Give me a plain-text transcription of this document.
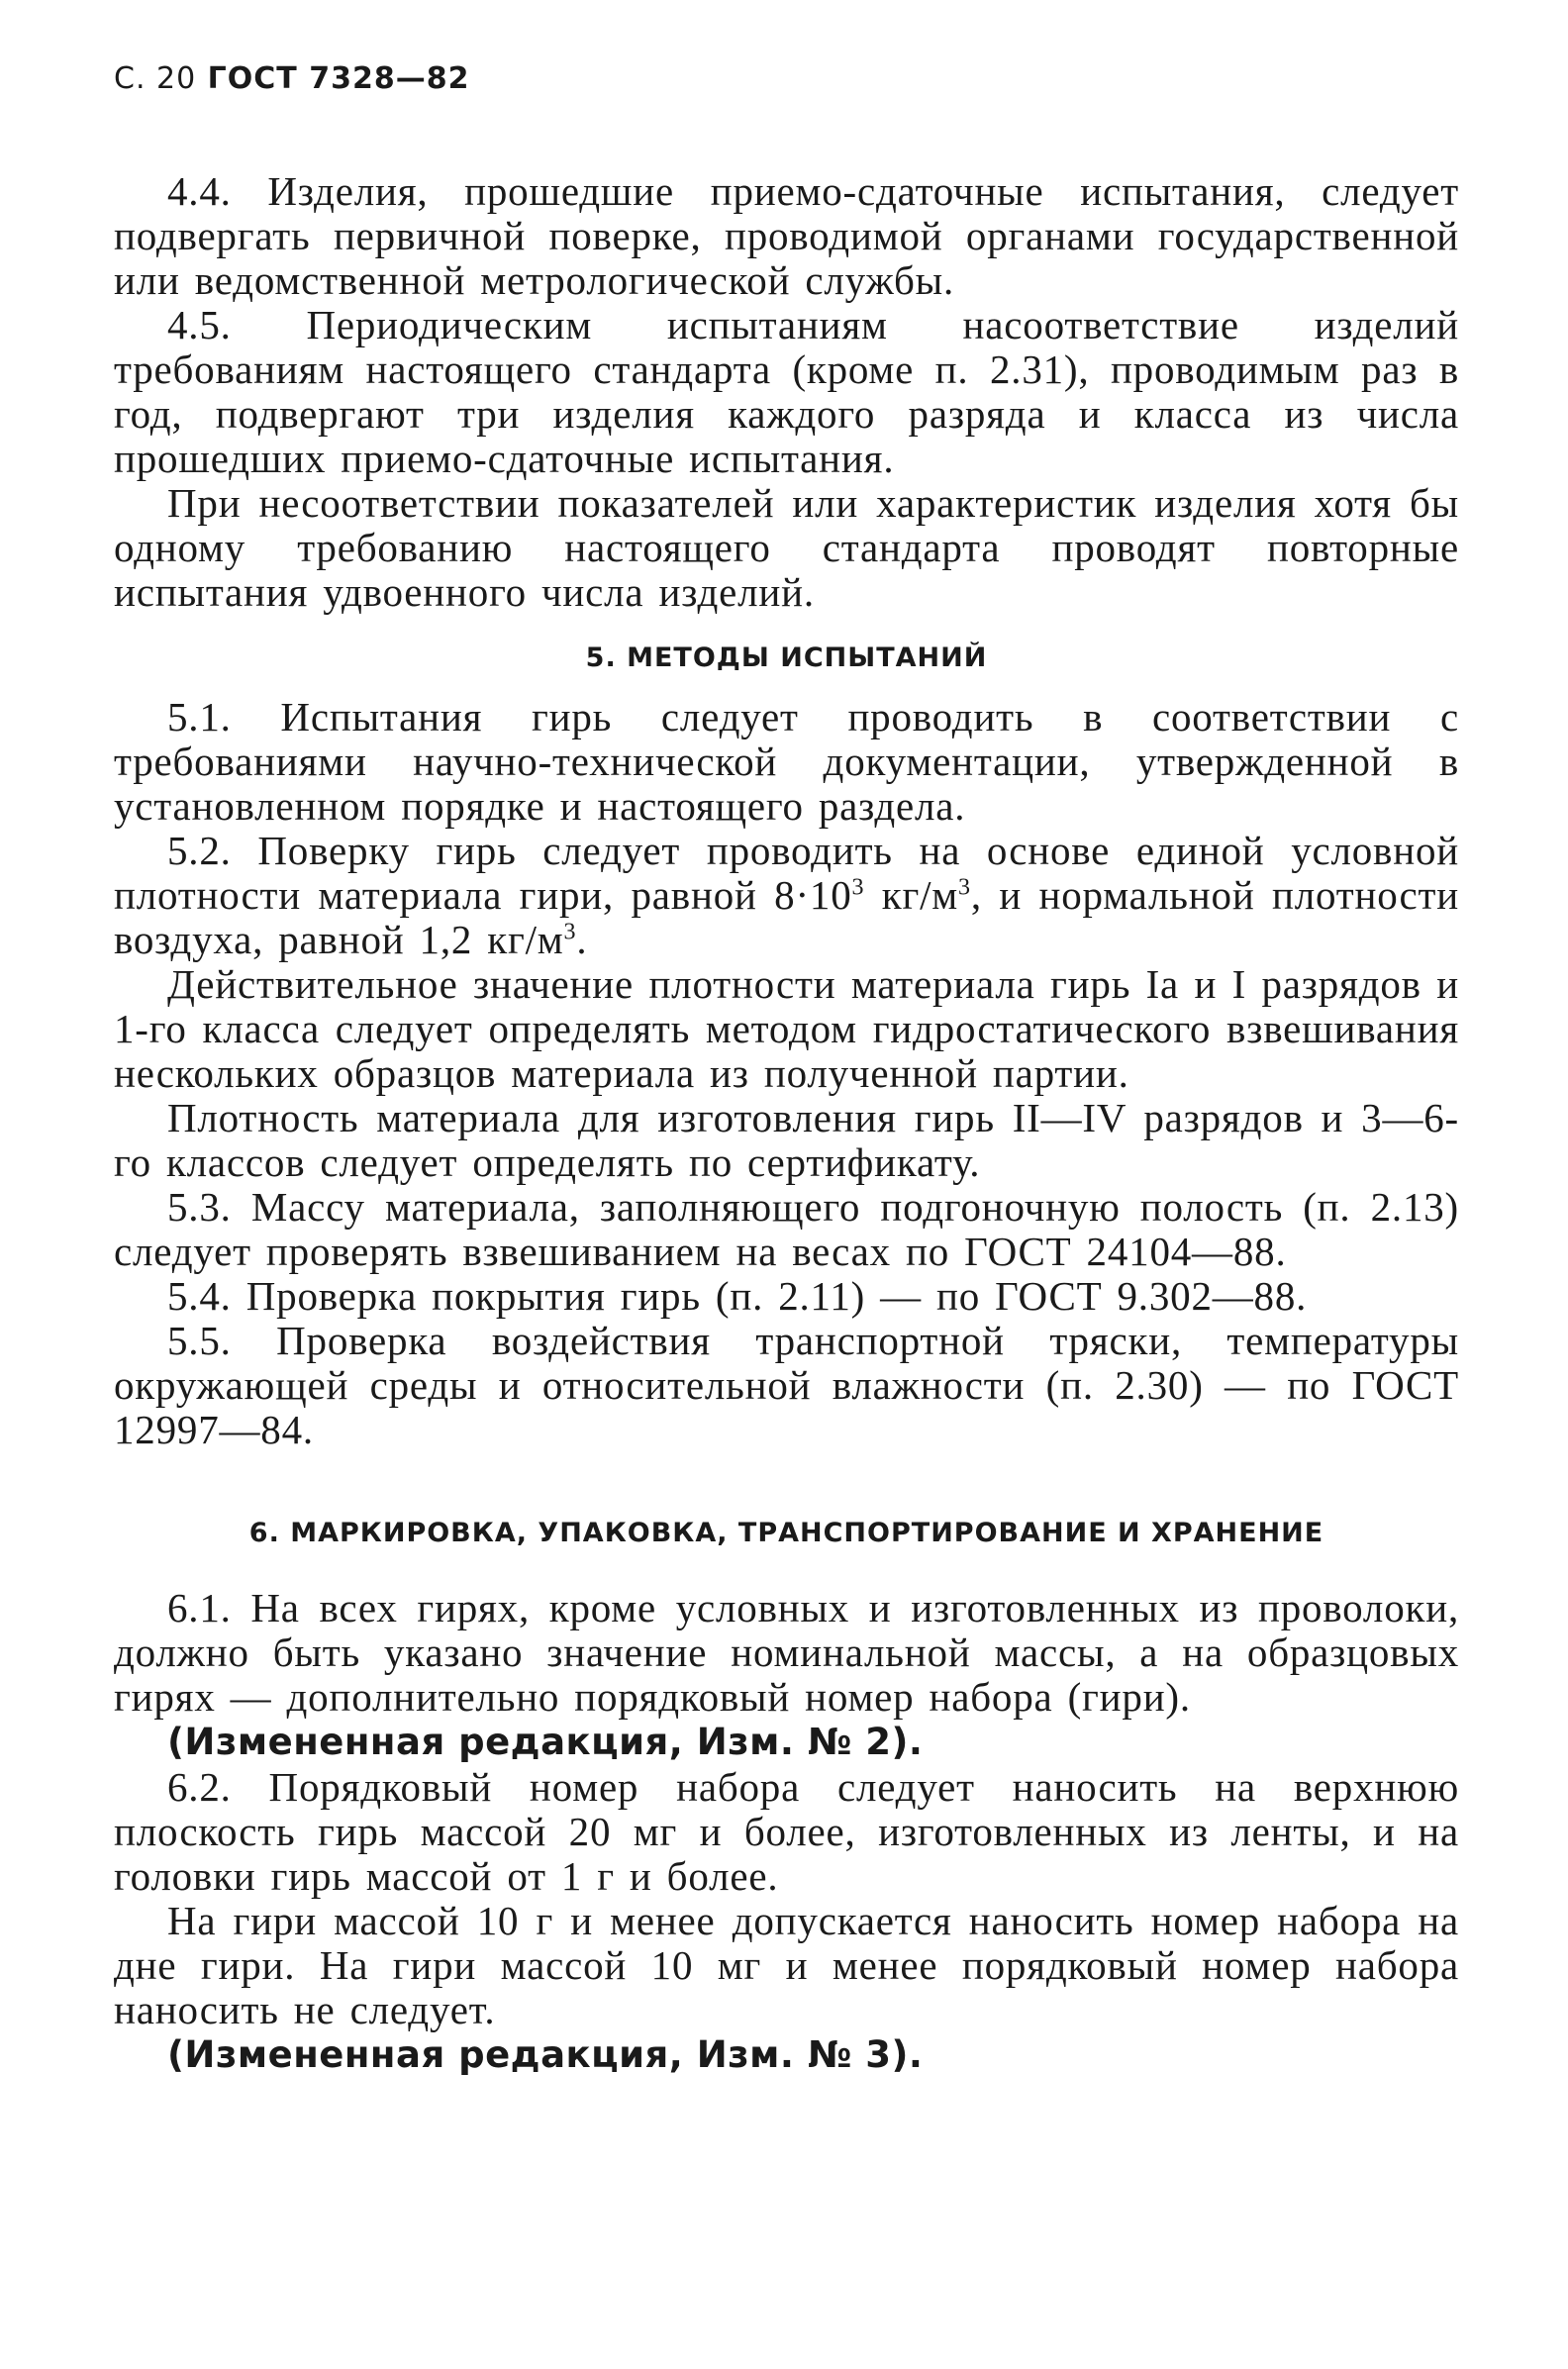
С. 20 ГОСТ 7328—82

4.4. Изделия, прошедшие приемо-сдаточные испытания, следует подвергать первичной поверке, проводимой органами государственной или ведомственной метрологической службы.

4.5. Периодическим испытаниям насоответствие изделий требованиям настоящего стандарта (кроме п. 2.31), проводимым раз в год, подвергают три изделия каждого разряда и класса из числа прошедших приемо-сдаточные испытания.

При несоответствии показателей или характеристик изделия хотя бы одному требованию настоящего стандарта проводят повторные испытания удвоенного числа изделий.

5. МЕТОДЫ ИСПЫТАНИЙ

5.1. Испытания гирь следует проводить в соответствии с требованиями научно-технической документации, утвержденной в установленном порядке и настоящего раздела.

5.2. Поверку гирь следует проводить на основе единой условной плотности материала гири, равной $8\cdot 10^3$ $кг/м^3$, и нормальной плотности воздуха, равной 1,2 $кг/м^3$.

Действительное значение плотности материала гирь Iа и I разрядов и 1-го класса следует определять методом гидростатического взвешивания нескольких образцов материала из полученной партии.

Плотность материала для изготовления гирь II—IV разрядов и 3—6-го классов следует определять по сертификату.

5.3. Массу материала, заполняющего подгоночную полость (п. 2.13) следует проверять взвешиванием на весах по ГОСТ 24104—88.

5.4. Проверка покрытия гирь (п. 2.11) — по ГОСТ 9.302—88.

5.5. Проверка воздействия транспортной тряски, температуры окружающей среды и относительной влажности (п. 2.30) — по ГОСТ 12997—84.

6. МАРКИРОВКА, УПАКОВКА, ТРАНСПОРТИРОВАНИЕ И ХРАНЕНИЕ

6.1. На всех гирях, кроме условных и изготовленных из проволоки, должно быть указано значение номинальной массы, а на образцовых гирях — дополнительно порядковый номер набора (гири).

(Измененная редакция, Изм. № 2).

6.2. Порядковый номер набора следует наносить на верхнюю плоскость гирь массой 20 мг и более, изготовленных из ленты, и на головки гирь массой от 1 г и более.

На гири массой 10 г и менее допускается наносить номер набора на дне гири. На гири массой 10 мг и менее порядковый номер набора наносить не следует.

(Измененная редакция, Изм. № 3).
